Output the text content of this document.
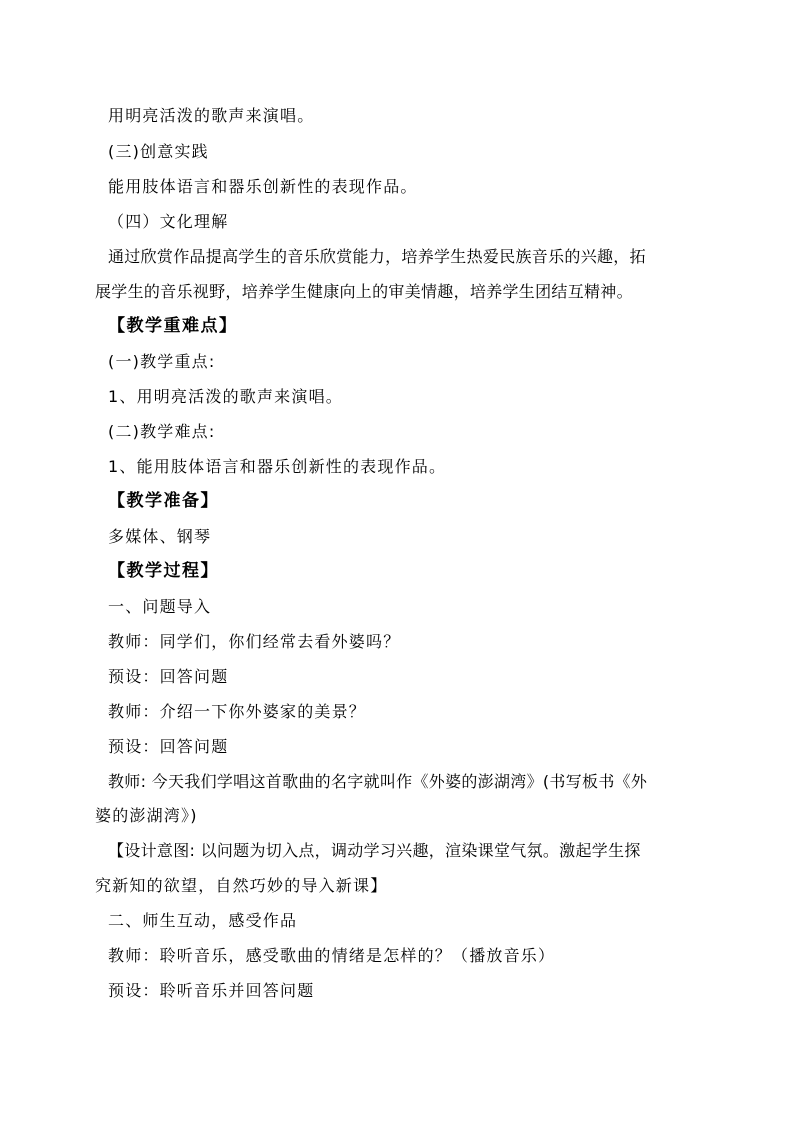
用明亮活泼的歌声来演唱。
(三)创意实践
能用肢体语言和器乐创新性的表现作品。
（四）文化理解
通过欣赏作品提高学生的音乐欣赏能力，培养学生热爱民族音乐的兴趣，拓
展学生的音乐视野，培养学生健康向上的审美情趣，培养学生团结互精神。
【教学重难点】
(一)教学重点:
1、用明亮活泼的歌声来演唱。
(二)教学难点:
1、能用肢体语言和器乐创新性的表现作品。
【教学准备】
多媒体、钢琴
【教学过程】
一、问题导入
教师：同学们，你们经常去看外婆吗？
预设：回答问题
教师：介绍一下你外婆家的美景？
预设：回答问题
教师: 今天我们学唱这首歌曲的名字就叫作《外婆的澎湖湾》(书写板书《外
婆的澎湖湾》)
【设计意图: 以问题为切入点，调动学习兴趣，渲染课堂气氛。激起学生探
究新知的欲望，自然巧妙的导入新课】
二、师生互动，感受作品
教师：聆听音乐，感受歌曲的情绪是怎样的？（播放音乐）
预设：聆听音乐并回答问题
